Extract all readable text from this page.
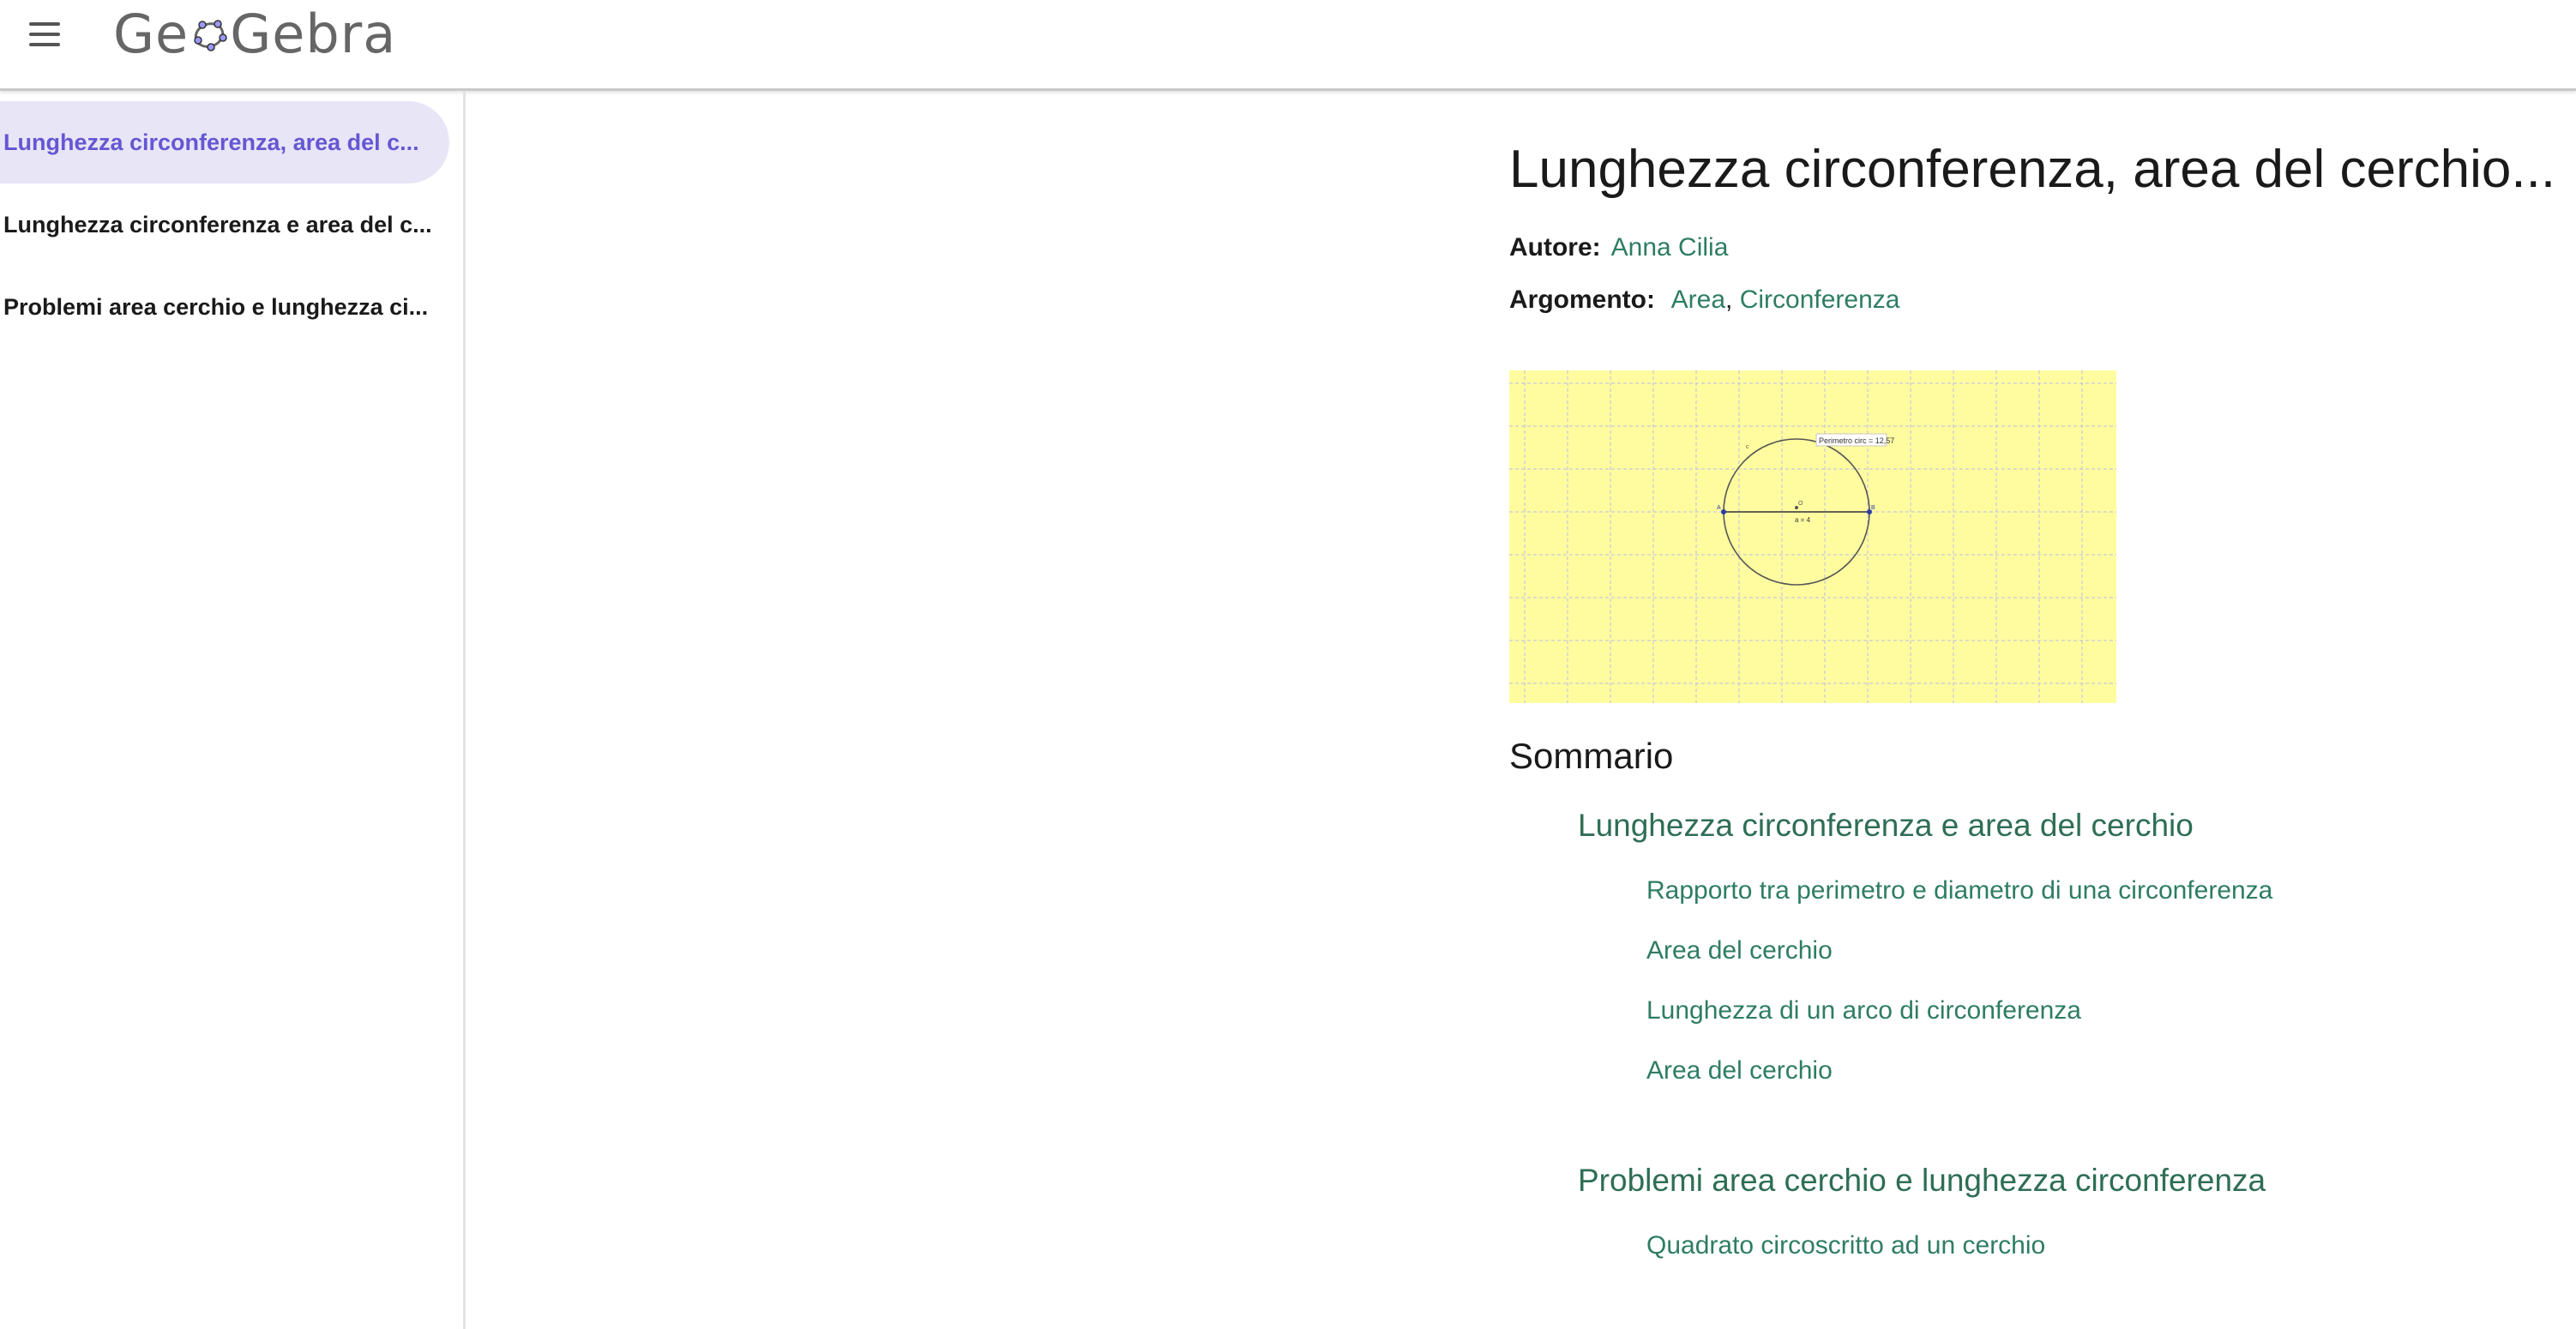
Ge Gebra
Lunghezza circonferenza, area del c...
Lunghezza circonferenza e area del c...
Problemi area cerchio e lunghezza ci...
Lunghezza circonferenza, area del cerchio...
Autore: Anna Cilia
Argomento: Area, Circonferenza
Perimetro circ = 12,57
a = 4
O
A	B
c
Sommario
Lunghezza circonferenza e area del cerchio
Rapporto tra perimetro e diametro di una circonferenza
Area del cerchio
Lunghezza di un arco di circonferenza
Area del cerchio
Problemi area cerchio e lunghezza circonferenza
Quadrato circoscritto ad un cerchio
